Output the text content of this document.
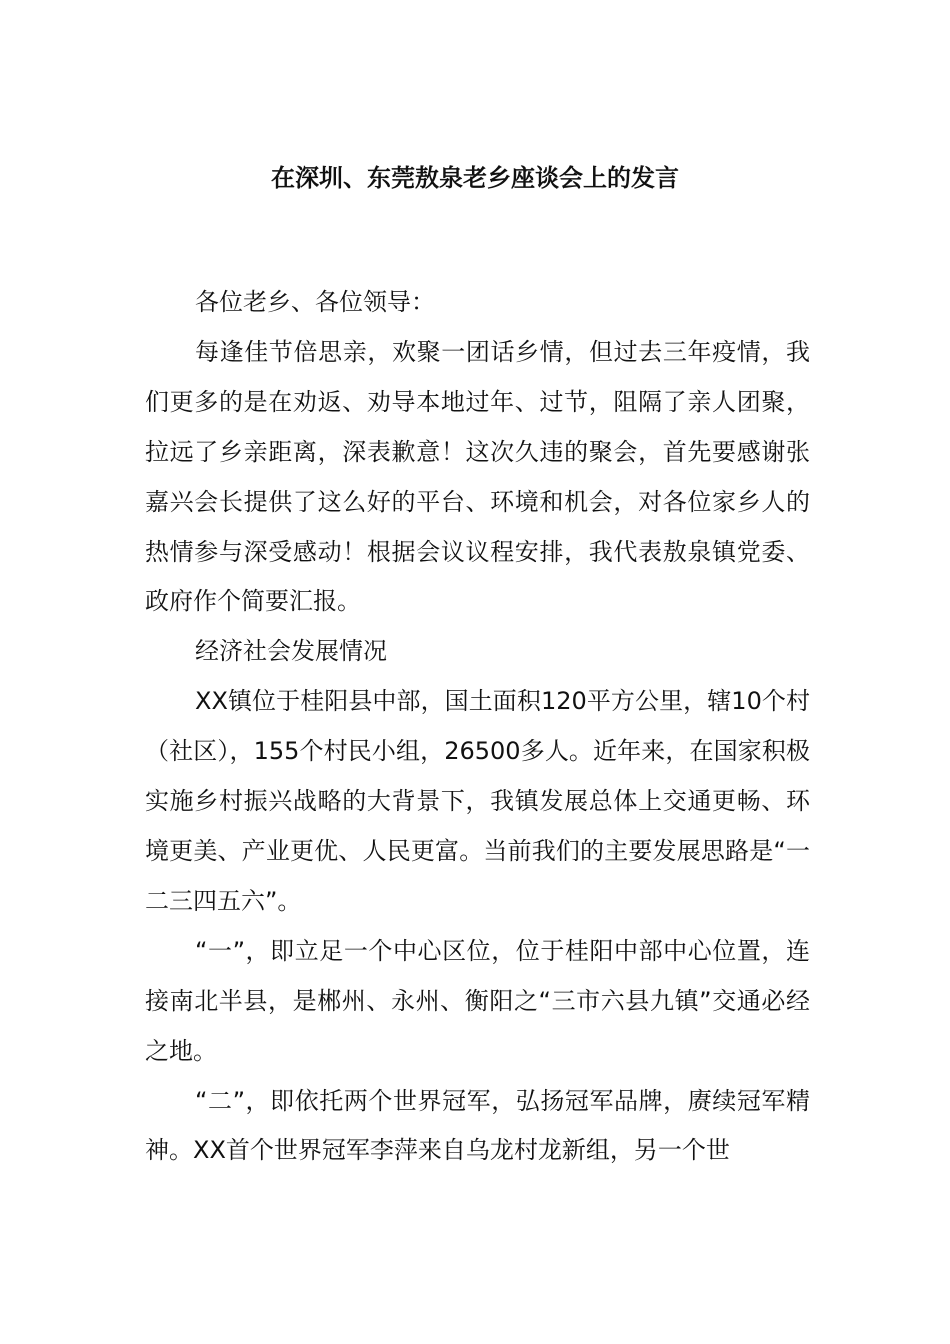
在深圳、东莞敖泉老乡座谈会上的发言

各位老乡、各位领导：

每逢佳节倍思亲，欢聚一团话乡情，但过去三年疫情，我们更多的是在劝返、劝导本地过年、过节，阻隔了亲人团聚，拉远了乡亲距离，深表歉意！这次久违的聚会，首先要感谢张嘉兴会长提供了这么好的平台、环境和机会，对各位家乡人的热情参与深受感动！根据会议议程安排，我代表敖泉镇党委、政府作个简要汇报。

经济社会发展情况

XX镇位于桂阳县中部，国土面积120平方公里，辖10个村（社区），155个村民小组，26500多人。近年来，在国家积极实施乡村振兴战略的大背景下，我镇发展总体上交通更畅、环境更美、产业更优、人民更富。当前我们的主要发展思路是“一二三四五六”。

“一”，即立足一个中心区位，位于桂阳中部中心位置，连接南北半县，是郴州、永州、衡阳之“三市六县九镇”交通必经之地。

“二”，即依托两个世界冠军，弘扬冠军品牌，赓续冠军精神。XX首个世界冠军李萍来自乌龙村龙新组，另一个世
